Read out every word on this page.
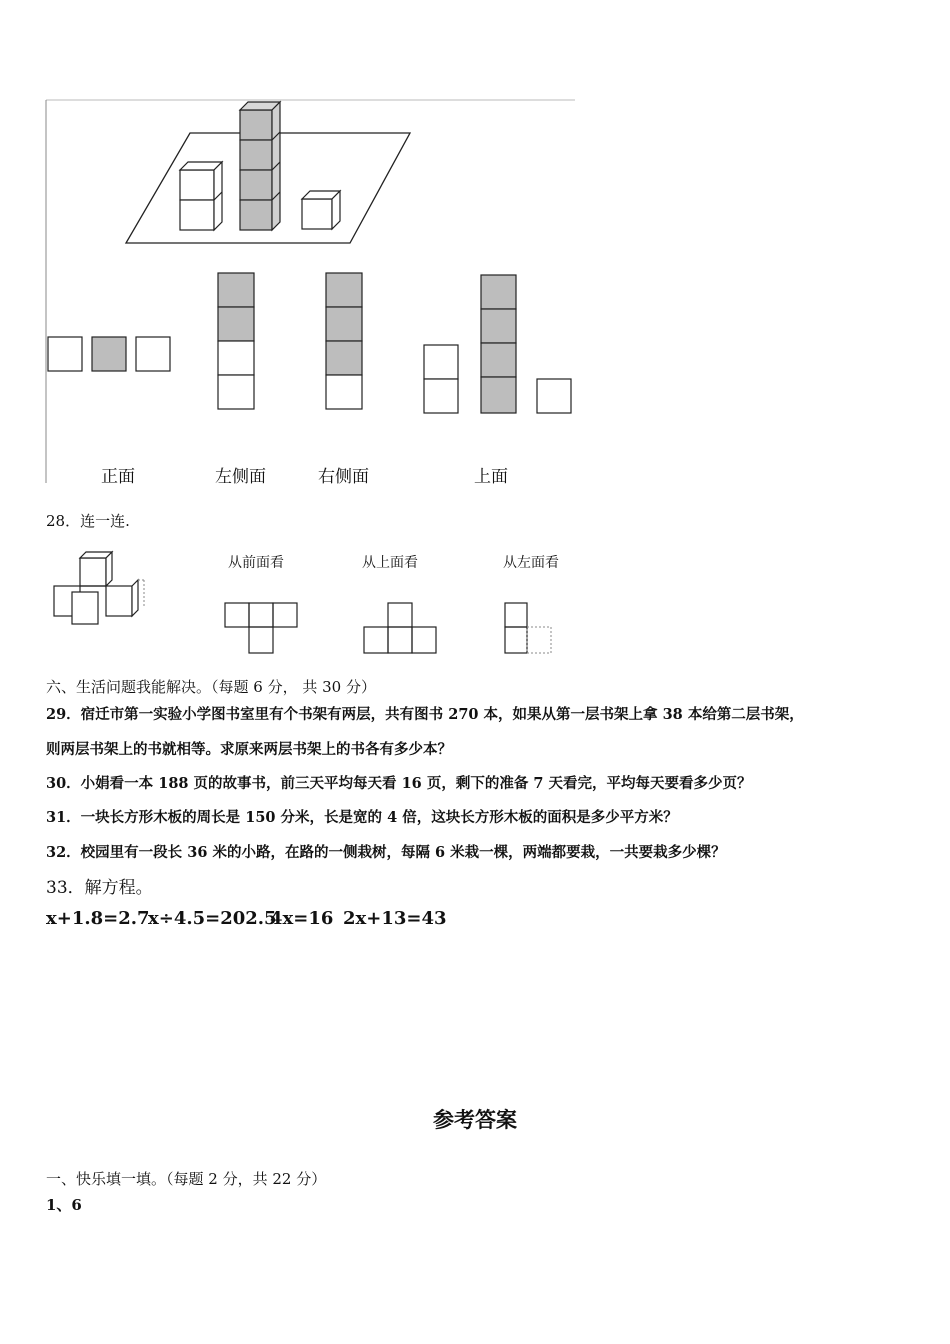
正面	左侧面	右侧面	上面
28．连一连.
从前面看	从上面看	从左面看
六、生活问题我能解决。（每题 6 分， 共 30 分）
29．宿迁市第一实验小学图书室里有个书架有两层，共有图书 270 本，如果从第一层书架上拿 38 本给第二层书架，
则两层书架上的书就相等。求原来两层书架上的书各有多少本？
30．小娟看一本 188 页的故事书，前三天平均每天看 16 页，剩下的准备 7 天看完，平均每天要看多少页？
31．一块长方形木板的周长是 150 分米，长是宽的 4 倍，这块长方形木板的面积是多少平方米？
32．校园里有一段长 36 米的小路，在路的一侧栽树，每隔 6 米栽一棵，两端都要栽，一共要栽多少棵？
33．解方程。
x+1.8=2.7
x÷4.5=202.5
4x=16 2x+13=43
参考答案
一、快乐填一填。（每题 2 分，共 22 分）
1、6
